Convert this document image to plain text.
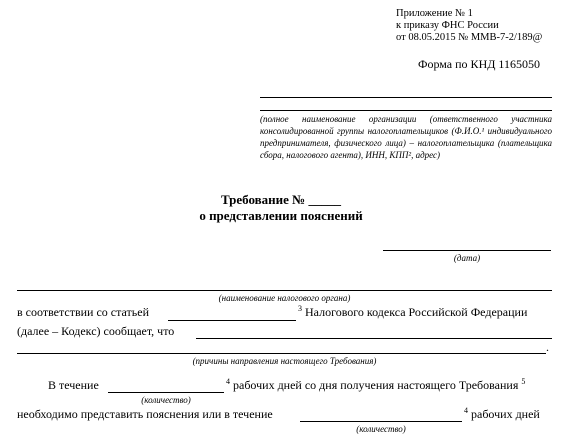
Приложение № 1
к приказу ФНС России
от 08.05.2015 № ММВ-7-2/189@
Форма по КНД 1165050
(полное наименование организации (ответственного участника консолидированной группы налогоплательщиков (Ф.И.О.¹ индивидуального предпринимателя, физического лица) – налогоплательщика (плательщика сбора, налогового агента), ИНН, КПП², адрес)
Требование № _____
о представлении пояснений
(дата)
(наименование налогового органа)
в соответствии со статьей	$^3$ Налогового кодекса Российской Федерации
(далее – Кодекс) сообщает, что
.
(причины направления настоящего Требования)
В течение
(количество)
$^4$ рабочих дней со дня получения настоящего Требования $^5$
необходимо представить пояснения или в течение
(количество)
$^4$ рабочих дней
